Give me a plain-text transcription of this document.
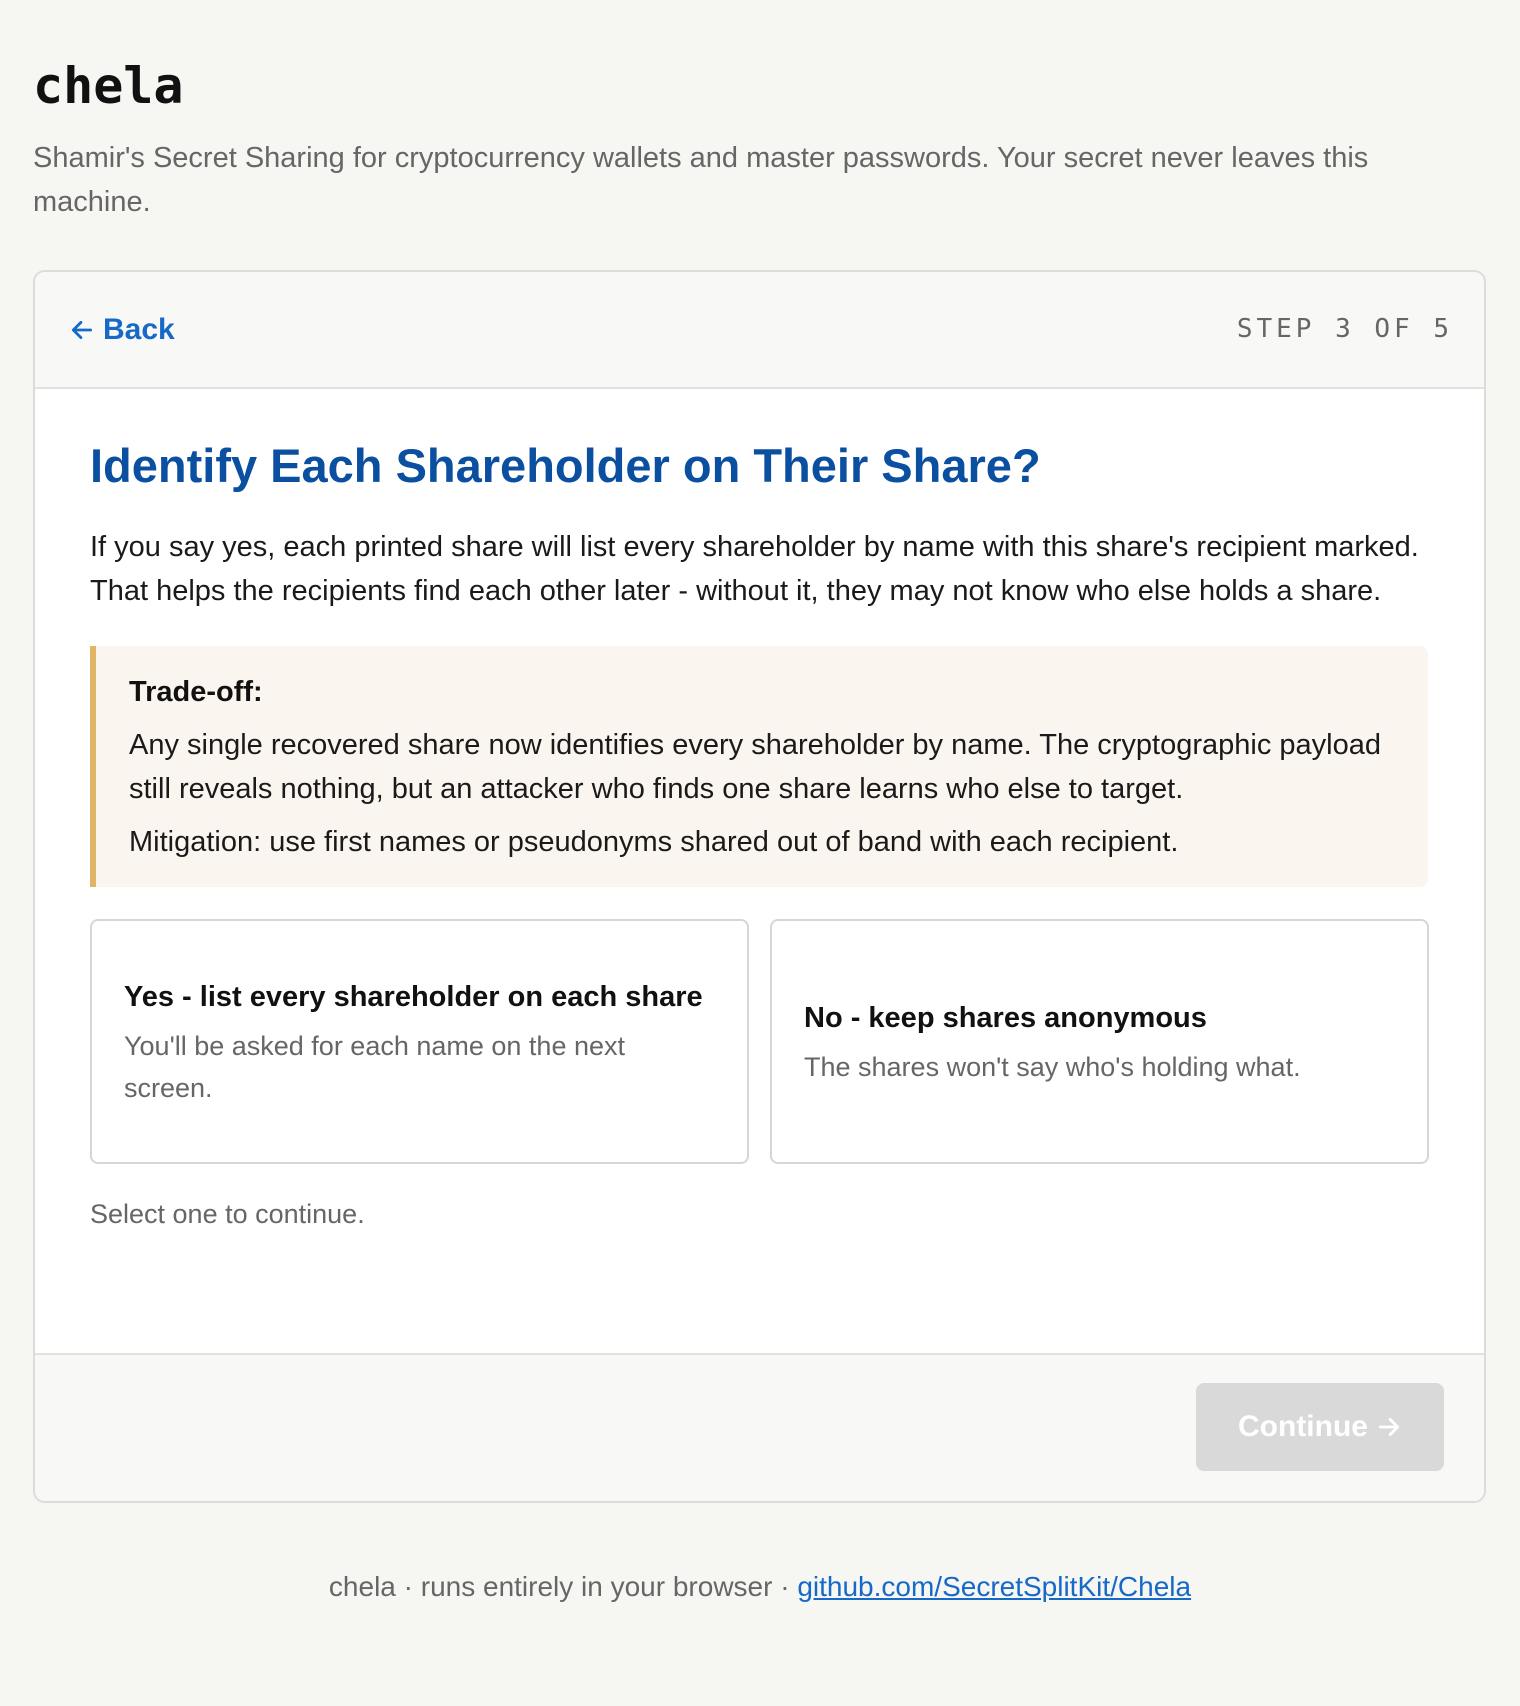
chela

Shamir's Secret Sharing for cryptocurrency wallets and master passwords. Your secret never leaves this machine.

Back	STEP 3 OF 5
Identify Each Shareholder on Their Share?

If you say yes, each printed share will list every shareholder by name with this share's recipient marked. That helps the recipients find each other later - without it, they may not know who else holds a share.

Trade-off:

Any single recovered share now identifies every shareholder by name. The cryptographic payload still reveals nothing, but an attacker who finds one share learns who else to target.

Mitigation: use first names or pseudonyms shared out of band with each recipient.

Yes - list every shareholder on each share
You'll be asked for each name on the next screen.
No - keep shares anonymous
The shares won't say who's holding what.
Select one to continue.
Continue
chela · runs entirely in your browser · github.com/SecretSplitKit/Chela
